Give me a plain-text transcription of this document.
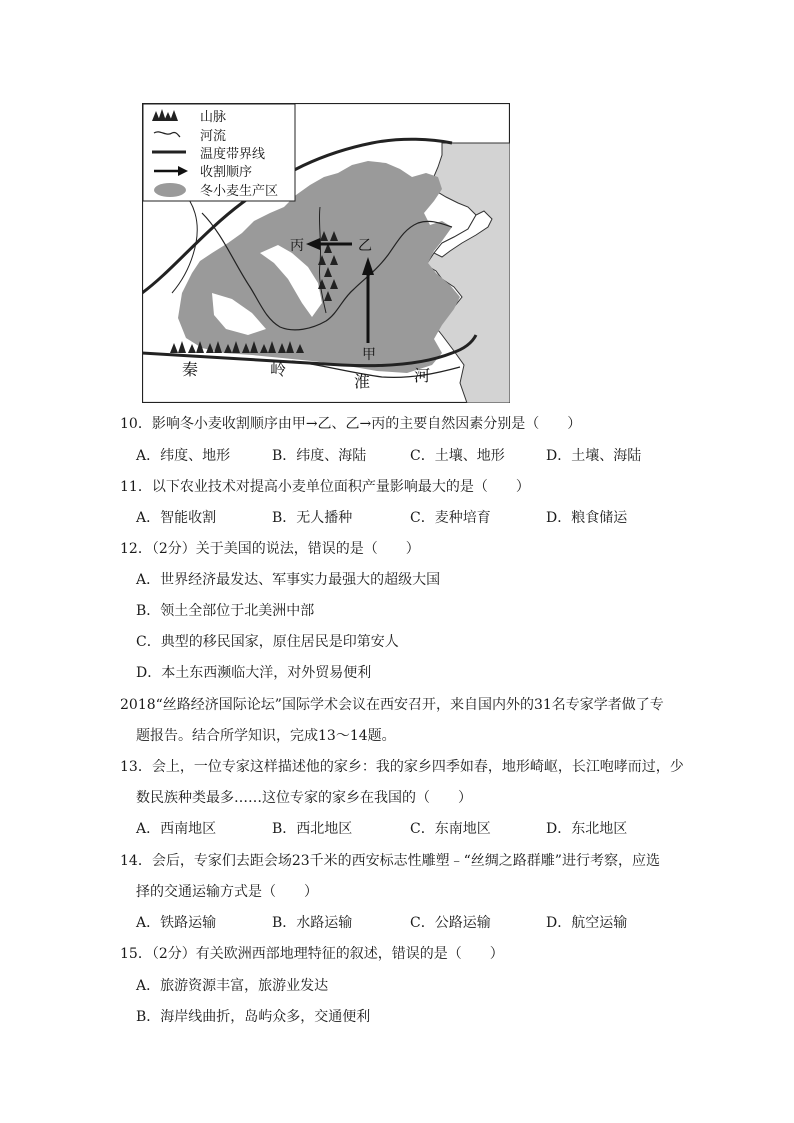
山脉
河流
温度带界线
收割顺序
冬小麦生产区
丙	乙
甲
秦	岭
淮	河
10．影响冬小麦收割顺序由甲→乙、乙→丙的主要自然因素分别是（　　）
A．纬度、地形	B．纬度、海陆	C．土壤、地形	D．土壤、海陆
11．以下农业技术对提高小麦单位面积产量影响最大的是（　　）
A．智能收割	B．无人播种	C．麦种培育	D．粮食储运
12．（2分）关于美国的说法，错误的是（　　）
A．世界经济最发达、军事实力最强大的超级大国
B．领土全部位于北美洲中部
C．典型的移民国家，原住居民是印第安人
D．本土东西濒临大洋，对外贸易便利
2018“丝路经济国际论坛”国际学术会议在西安召开，来自国内外的31名专家学者做了专
题报告。结合所学知识，完成13～14题。
13．会上，一位专家这样描述他的家乡：我的家乡四季如春，地形崎岖，长江咆哮而过，少
数民族种类最多……这位专家的家乡在我国的（　　）
A．西南地区	B．西北地区	C．东南地区	D．东北地区
14．会后，专家们去距会场23千米的西安标志性雕塑﹣“丝绸之路群雕”进行考察，应选
择的交通运输方式是（　　）
A．铁路运输	B．水路运输	C．公路运输	D．航空运输
15．（2分）有关欧洲西部地理特征的叙述，错误的是（　　）
A．旅游资源丰富，旅游业发达
B．海岸线曲折，岛屿众多，交通便利
